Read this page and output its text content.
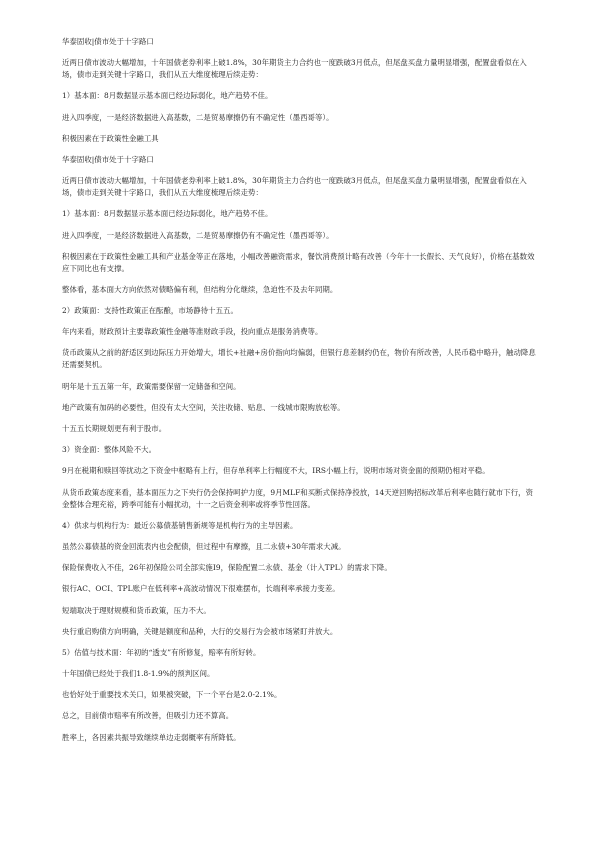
华泰固收|债市处于十字路口

近两日债市波动大幅增加，十年国债老券利率上破1.8%，30年期货主力合约也一度跌破3月低点，但尾盘买盘力量明显增强，配置盘看似在入场，债市走到关键十字路口，我们从五大维度梳理后续走势：

1）基本面：8月数据显示基本面已经边际弱化，地产趋势不佳。

进入四季度，一是经济数据进入高基数，二是贸易摩擦仍有不确定性（墨西哥等）。

积极因素在于政策性金融工具

华泰固收|债市处于十字路口

近两日债市波动大幅增加，十年国债老券利率上破1.8%，30年期货主力合约也一度跌破3月低点，但尾盘买盘力量明显增强，配置盘看似在入场，债市走到关键十字路口，我们从五大维度梳理后续走势：

1）基本面：8月数据显示基本面已经边际弱化，地产趋势不佳。

进入四季度，一是经济数据进入高基数，二是贸易摩擦仍有不确定性（墨西哥等）。

积极因素在于政策性金融工具和产业基金等正在落地，小幅改善融资需求，餐饮消费预计略有改善（今年十一长假长、天气良好），价格在基数效应下同比也有支撑。

整体看，基本面大方向依然对债略偏有利，但结构分化继续，急迫性不及去年同期。

2）政策面：支持性政策正在酝酿，市场静待十五五。

年内来看，财政预计主要靠政策性金融等准财政手段，投向重点是服务消费等。

货币政策从之前的舒适区到边际压力开始增大，增长+社融+房价指向均偏弱，但银行息差制约仍在，物价有所改善，人民币稳中略升，触动降息还需要契机。

明年是十五五第一年，政策需要保留一定储备和空间。

地产政策有加码的必要性，但没有太大空间，关注收储、贴息、一线城市限购放松等。

十五五长期规划更有利于股市。

3）资金面：整体风险不大。

9月在税期和赎回等扰动之下资金中枢略有上行，但存单利率上行幅度不大，IRS小幅上行，说明市场对资金面的预期仍相对平稳。

从货币政策态度来看，基本面压力之下央行仍会保持呵护力度，9月MLF和买断式保持净投放，14天逆回购招标改革后利率也随行就市下行，资金整体合理充裕，跨季可能有小幅扰动，十一之后资金利率或将季节性回落。

4）供求与机构行为：最近公募债基销售新规等是机构行为的主导因素。

虽然公募债基的资金回流表内也会配债，但过程中有摩擦，且二永债+30年需求大减。

保险保费收入不佳，26年初保险公司全部实施I9，保险配置二永债、基金（计入TPL）的需求下降。

银行AC、OCI、TPL账户在低利率+高波动情况下很难摆布，长端利率承接力变差。

短端取决于理财规模和货币政策，压力不大。

央行重启购债方向明确，关键是额度和品种，大行的交易行为会被市场紧盯并放大。

5）估值与技术面：年初的“透支”有所修复，赔率有所好转。

十年国债已经处于我们1.8-1.9%的预判区间。

也恰好处于重要技术关口，如果被突破，下一个平台是2.0-2.1%。

总之，目前债市赔率有所改善，但吸引力还不算高。

胜率上，各因素共振导致继续单边走弱概率有所降低。
